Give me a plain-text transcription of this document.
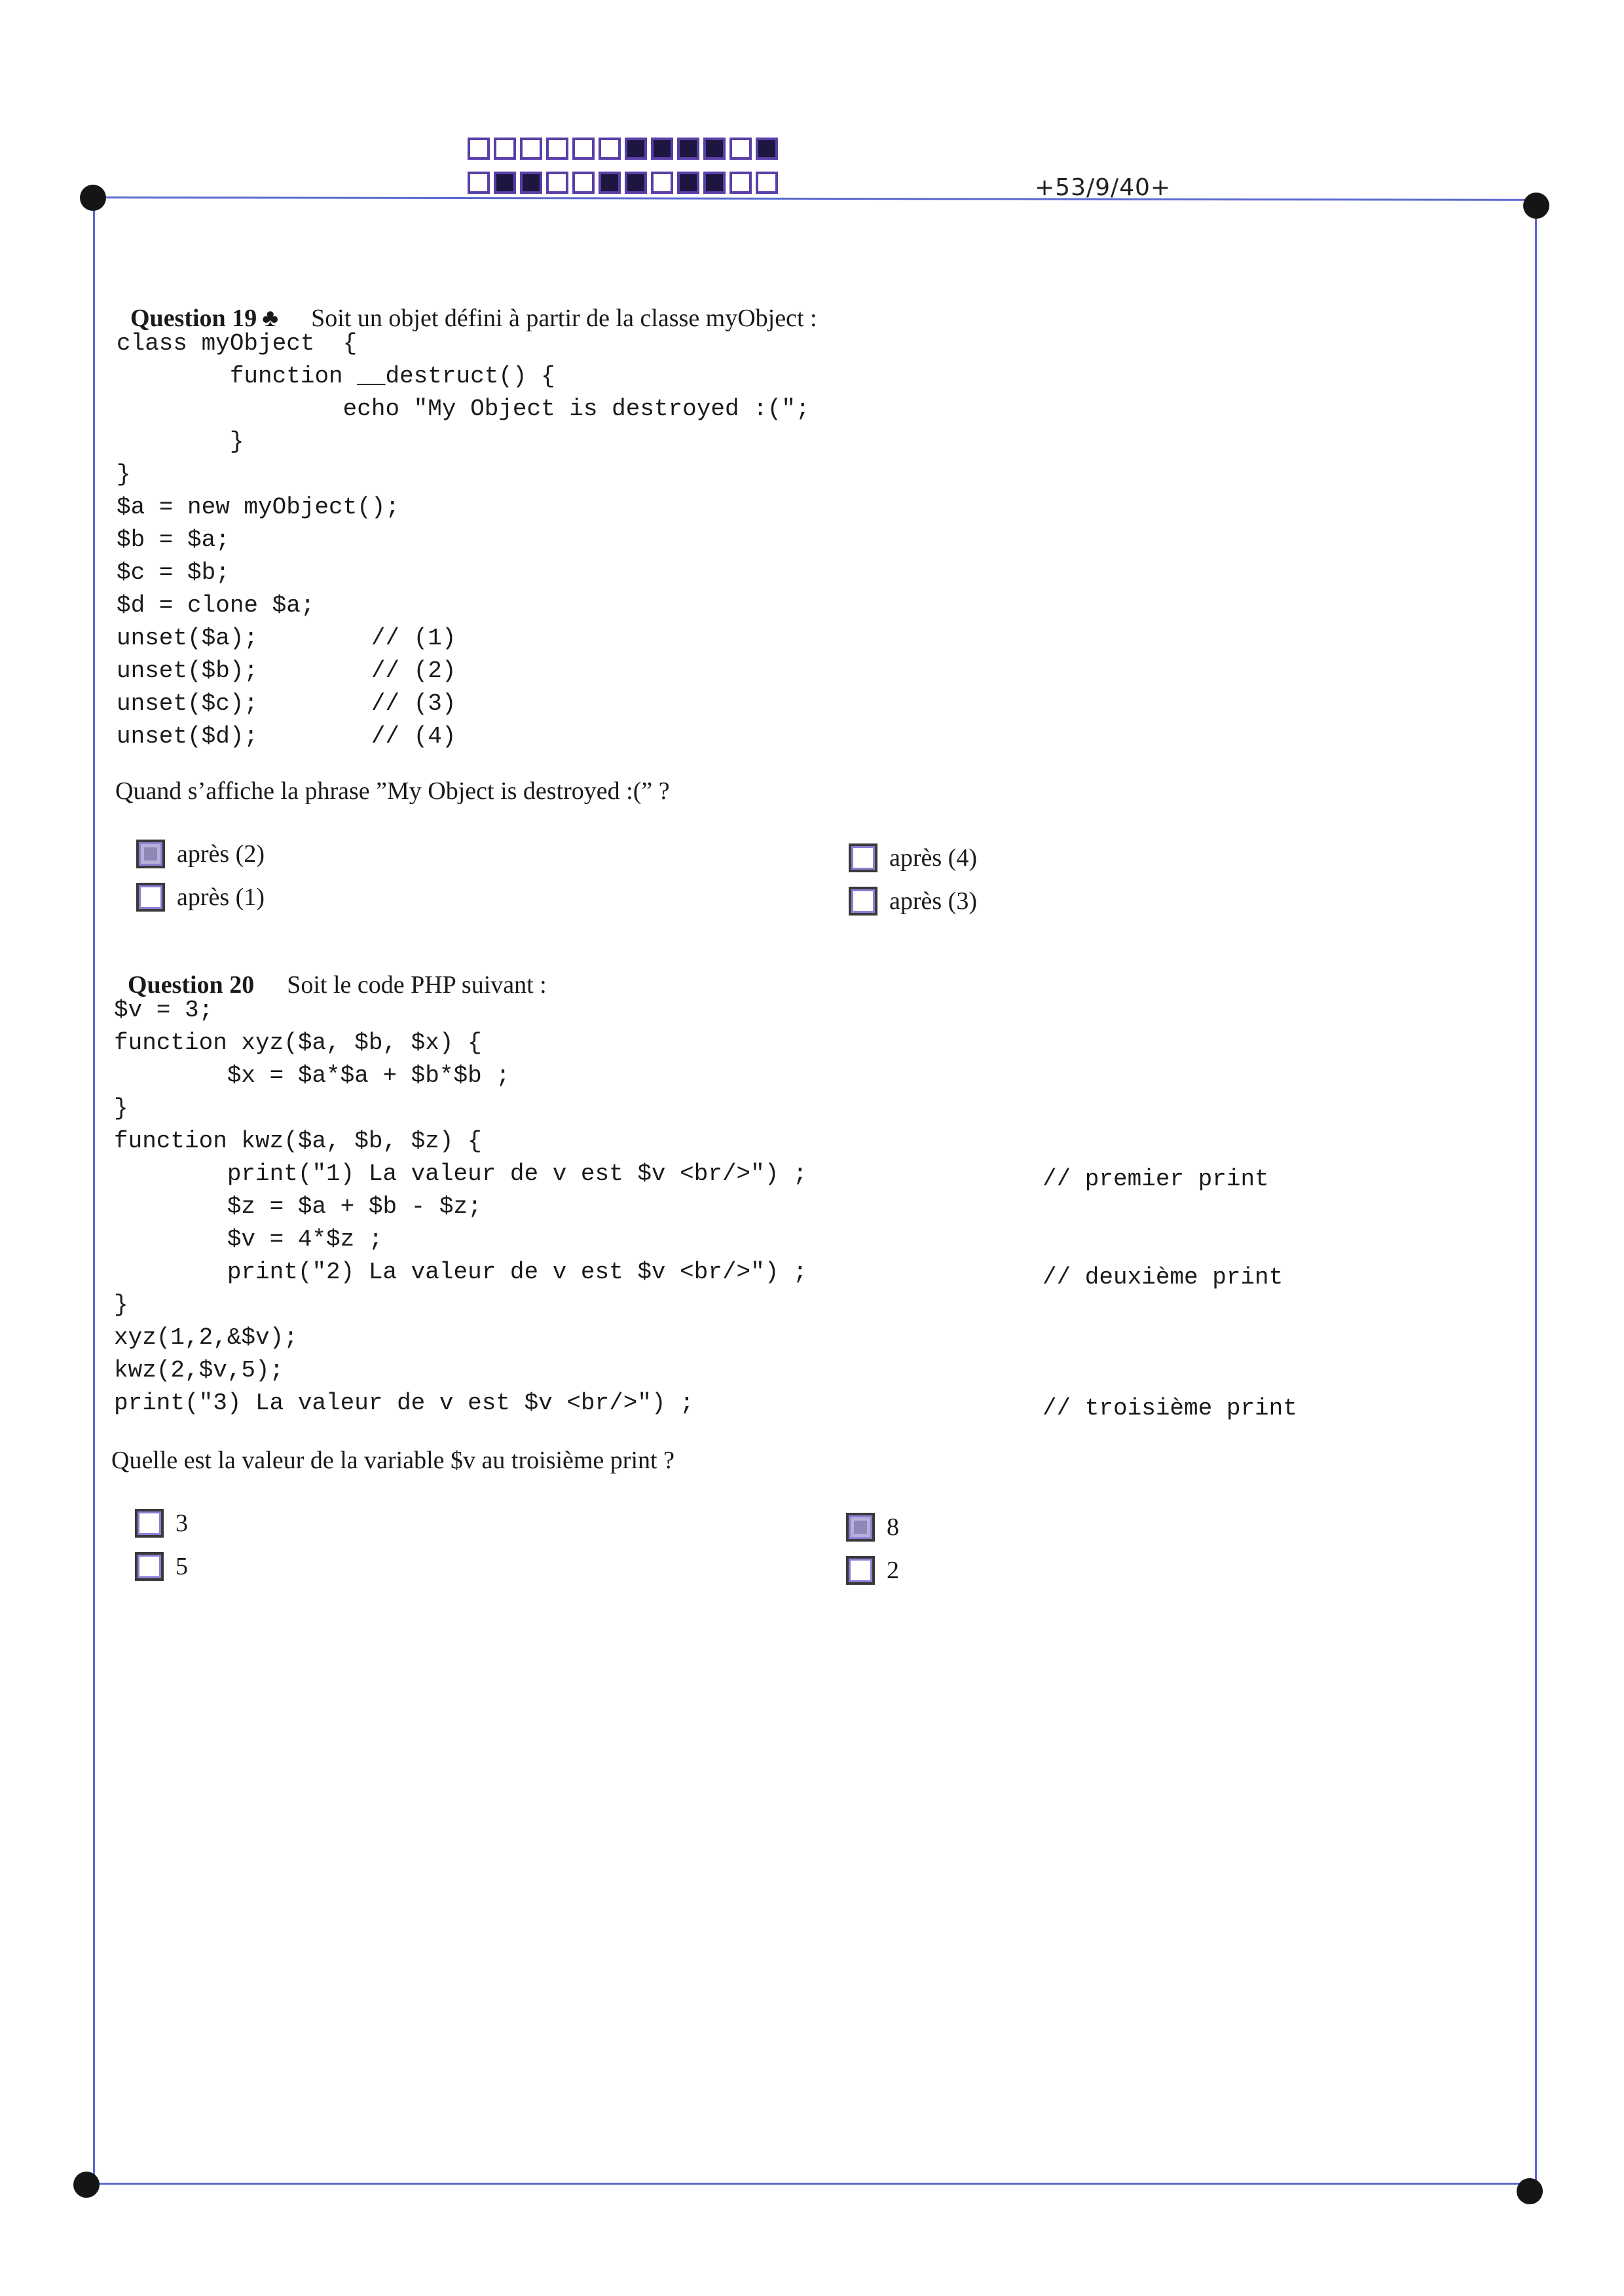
+53/9/40+

Question 19 ♣ Soit un objet défini à partir de la classe myObject :

class myObject  {
function __destruct() {
echo "My Object is destroyed :(";
}
}
$a = new myObject();
$b = $a;
$c = $b;
$d = clone $a;
unset($a);        // (1)
unset($b);        // (2)
unset($c);        // (3)
unset($d);        // (4)
Quand s’affiche la phrase ”My Object is destroyed :(” ?
après (2)
après (1)
après (4)
après (3)

Question 20 Soit le code PHP suivant :

$v = 3;
function xyz($a, $b, $x) {
$x = $a*$a + $b*$b ;
}
function kwz($a, $b, $z) {
print("1) La valeur de v est $v <br/>") ;
$z = $a + $b - $z;
$v = 4*$z ;
print("2) La valeur de v est $v <br/>") ;
}
xyz(1,2,&$v);
kwz(2,$v,5);
print("3) La valeur de v est $v <br/>") ;
// premier print
// deuxième print
// troisième print
Quelle est la valeur de la variable $v au troisième print ?
3
5
8
2
